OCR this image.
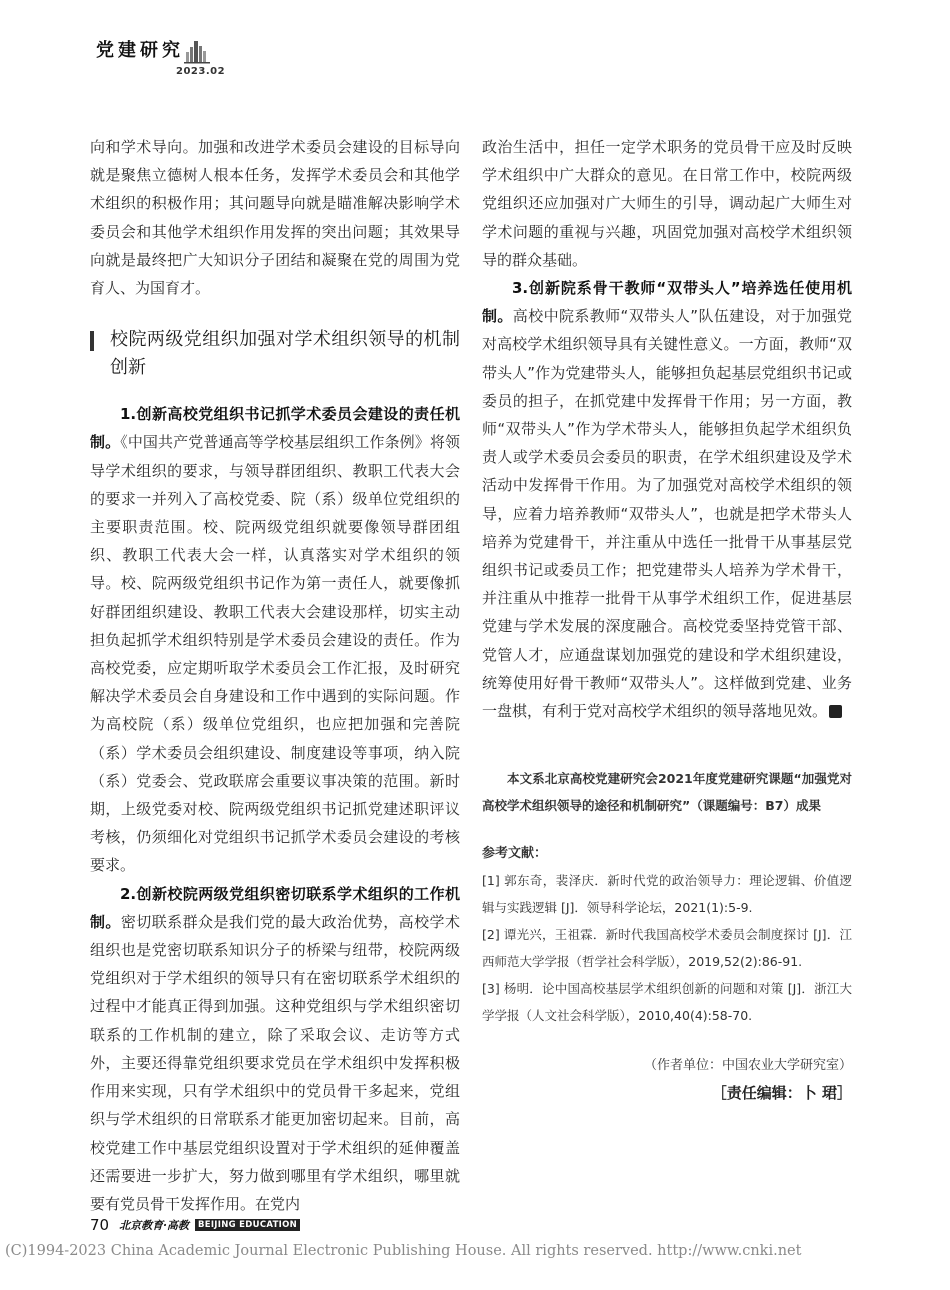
党建研究
2023.02

向和学术导向。加强和改进学术委员会建设的目标导向就是聚焦立德树人根本任务，发挥学术委员会和其他学术组织的积极作用；其问题导向就是瞄准解决影响学术委员会和其他学术组织作用发挥的突出问题；其效果导向就是最终把广大知识分子团结和凝聚在党的周围为党育人、为国育才。

校院两级党组织加强对学术组织领导的机制创新

1.创新高校党组织书记抓学术委员会建设的责任机制。《中国共产党普通高等学校基层组织工作条例》将领导学术组织的要求，与领导群团组织、教职工代表大会的要求一并列入了高校党委、院（系）级单位党组织的主要职责范围。校、院两级党组织就要像领导群团组织、教职工代表大会一样，认真落实对学术组织的领导。校、院两级党组织书记作为第一责任人，就要像抓好群团组织建设、教职工代表大会建设那样，切实主动担负起抓学术组织特别是学术委员会建设的责任。作为高校党委，应定期听取学术委员会工作汇报，及时研究解决学术委员会自身建设和工作中遇到的实际问题。作为高校院（系）级单位党组织，也应把加强和完善院（系）学术委员会组织建设、制度建设等事项，纳入院（系）党委会、党政联席会重要议事决策的范围。新时期，上级党委对校、院两级党组织书记抓党建述职评议考核，仍须细化对党组织书记抓学术委员会建设的考核要求。

2.创新校院两级党组织密切联系学术组织的工作机制。密切联系群众是我们党的最大政治优势，高校学术组织也是党密切联系知识分子的桥梁与纽带，校院两级党组织对于学术组织的领导只有在密切联系学术组织的过程中才能真正得到加强。这种党组织与学术组织密切联系的工作机制的建立，除了采取会议、走访等方式外，主要还得靠党组织要求党员在学术组织中发挥积极作用来实现，只有学术组织中的党员骨干多起来，党组织与学术组织的日常联系才能更加密切起来。目前，高校党建工作中基层党组织设置对于学术组织的延伸覆盖还需要进一步扩大，努力做到哪里有学术组织，哪里就要有党员骨干发挥作用。在党内

政治生活中，担任一定学术职务的党员骨干应及时反映学术组织中广大群众的意见。在日常工作中，校院两级党组织还应加强对广大师生的引导，调动起广大师生对学术问题的重视与兴趣，巩固党加强对高校学术组织领导的群众基础。

3.创新院系骨干教师“双带头人”培养选任使用机制。高校中院系教师“双带头人”队伍建设，对于加强党对高校学术组织领导具有关键性意义。一方面，教师“双带头人”作为党建带头人，能够担负起基层党组织书记或委员的担子，在抓党建中发挥骨干作用；另一方面，教师“双带头人”作为学术带头人，能够担负起学术组织负责人或学术委员会委员的职责，在学术组织建设及学术活动中发挥骨干作用。为了加强党对高校学术组织的领导，应着力培养教师“双带头人”，也就是把学术带头人培养为党建骨干，并注重从中选任一批骨干从事基层党组织书记或委员工作；把党建带头人培养为学术骨干，并注重从中推荐一批骨干从事学术组织工作，促进基层党建与学术发展的深度融合。高校党委坚持党管干部、党管人才，应通盘谋划加强党的建设和学术组织建设，统筹使用好骨干教师“双带头人”。这样做到党建、业务一盘棋，有利于党对高校学术组织的领导落地见效。	教

本文系北京高校党建研究会2021年度党建研究课题“加强党对高校学术组织领导的途径和机制研究”（课题编号：B7）成果
参考文献：

[1] 郭东奇，裴泽庆．新时代党的政治领导力：理论逻辑、价值逻辑与实践逻辑 [J]．领导科学论坛，2021(1):5-9.

[2] 谭光兴，王祖霖．新时代我国高校学术委员会制度探讨 [J]．江西师范大学学报（哲学社会科学版），2019,52(2):86-91.

[3] 杨明．论中国高校基层学术组织创新的问题和对策 [J]．浙江大学学报（人文社会科学版），2010,40(4):58-70.

（作者单位：中国农业大学研究室）
［责任编辑：卜 珺］
70 北京教育·高教	BEIJING EDUCATION
(C)1994-2023 China Academic Journal Electronic Publishing House. All rights reserved. http://www.cnki.net
